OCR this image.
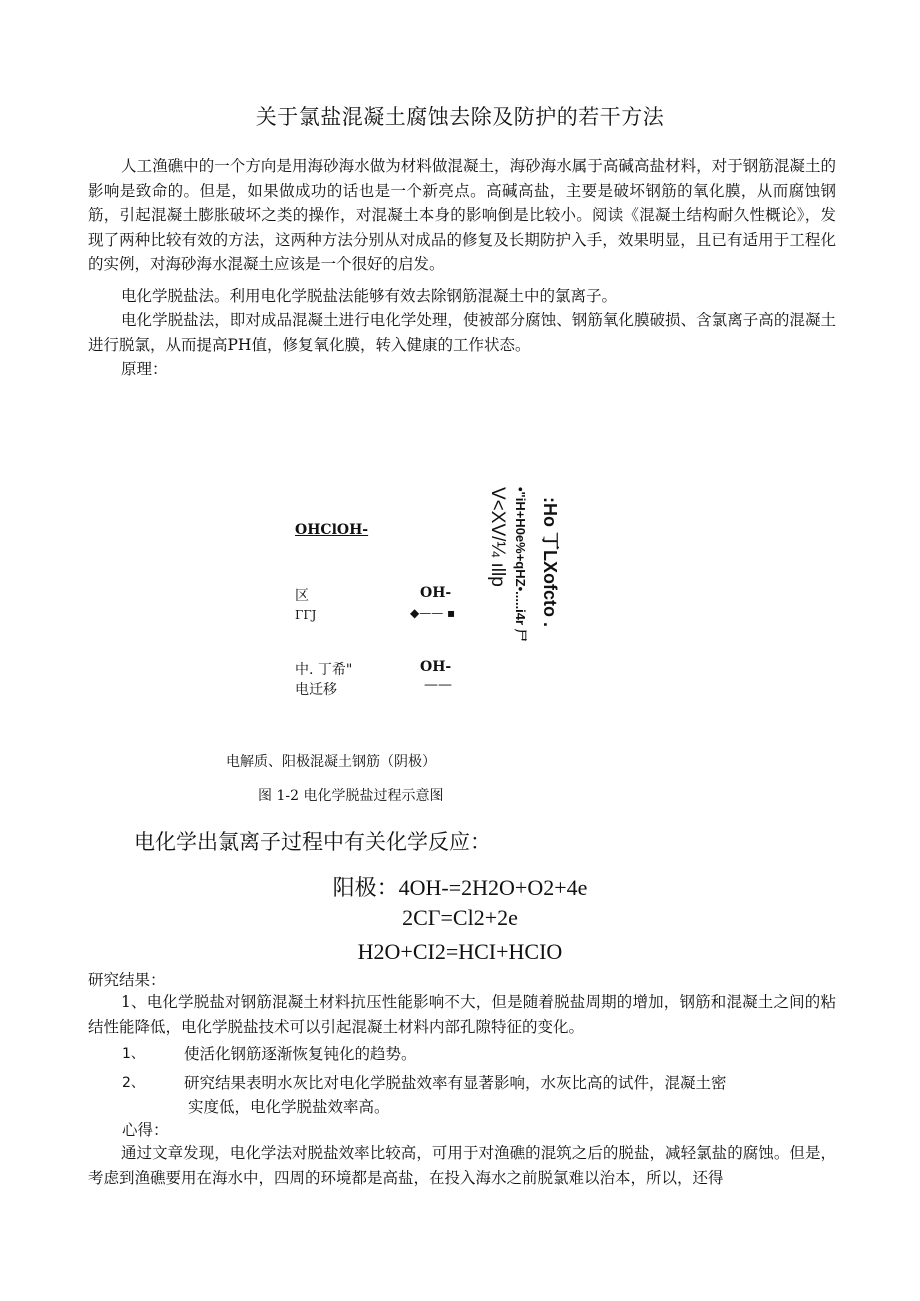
关于氯盐混凝土腐蚀去除及防护的若干方法
人工渔礁中的一个方向是用海砂海水做为材料做混凝土，海砂海水属于高碱高盐材料，对于钢筋混凝土的影响是致命的。但是，如果做成功的话也是一个新亮点。高碱高盐，主要是破坏钢筋的氧化膜，从而腐蚀钢筋，引起混凝土膨胀破坏之类的操作，对混凝土本身的影响倒是比较小。阅读《混凝土结构耐久性概论》，发现了两种比较有效的方法，这两种方法分别从对成品的修复及长期防护入手，效果明显，且已有适用于工程化的实例，对海砂海水混凝土应该是一个很好的启发。
电化学脱盐法。利用电化学脱盐法能够有效去除钢筋混凝土中的氯离子。
电化学脱盐法，即对成品混凝土进行电化学处理，使被部分腐蚀、钢筋氧化膜破损、含氯离子高的混凝土进行脱氯，从而提高PH值，修复氧化膜，转入健康的工作状态。
原理：
OHClOH-
区
ΓΓJ
中. 丁希"
电迁移
OH-
◆—— ▪
OH-
——
V<XV/¼ ıllp •"iH+H0e%+qHZ•.....i4r 尸 :Ho 丁LXofcto .
电解质、阳极混凝土钢筋（阴极）
图 1-2 电化学脱盐过程示意图
电化学出氯离子过程中有关化学反应：
阳极：4OH-=2H2O+O2+4e
2CΓ=Cl2+2e
H2O+CI2=HCI+HCIO
研究结果：
1、电化学脱盐对钢筋混凝土材料抗压性能影响不大，但是随着脱盐周期的增加，钢筋和混凝土之间的粘结性能降低，电化学脱盐技术可以引起混凝土材料内部孔隙特征的变化。
1、	使活化钢筋逐渐恢复钝化的趋势。
2、	研究结果表明水灰比对电化学脱盐效率有显著影响，水灰比高的试件，混凝土密
实度低，电化学脱盐效率高。
心得：
通过文章发现，电化学法对脱盐效率比较高，可用于对渔礁的混筑之后的脱盐，减轻氯盐的腐蚀。但是，考虑到渔礁要用在海水中，四周的环境都是高盐，在投入海水之前脱氯难以治本，所以，还得
